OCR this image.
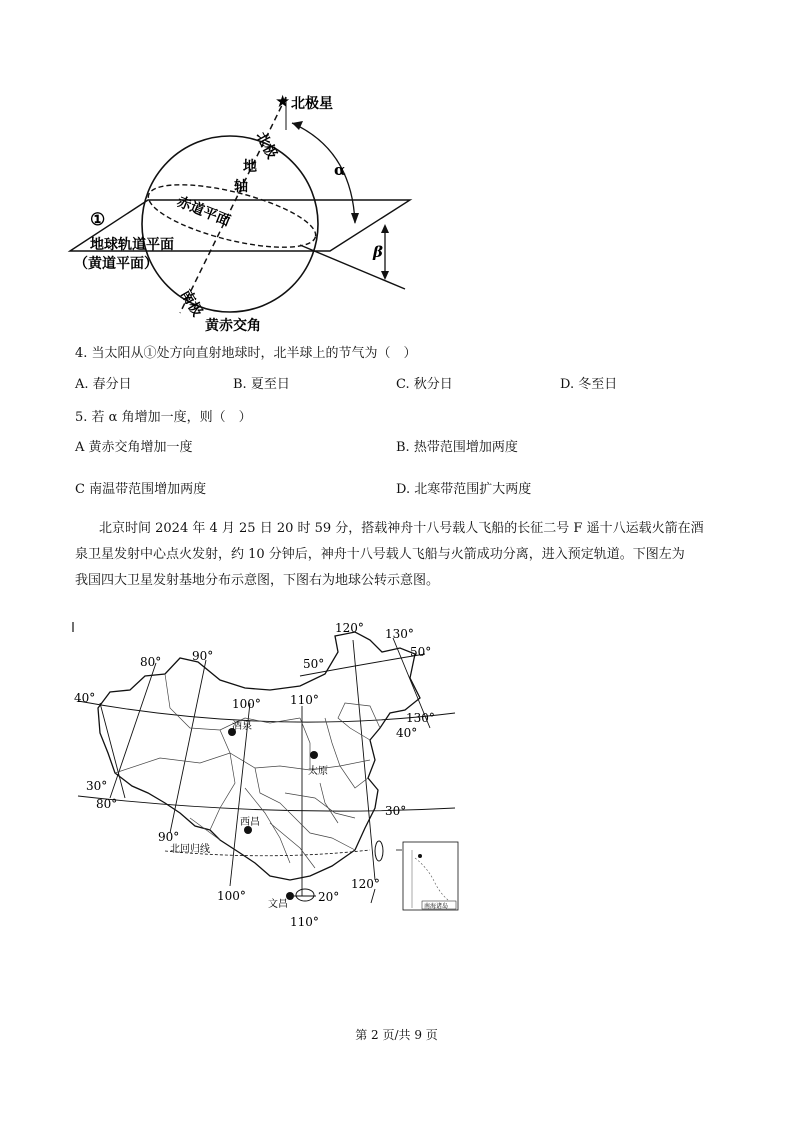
★ 北极星
α
β
北极
地
轴
①	赤道平面
地球轨道平面
（黄道平面）
南极
黄赤交角
4. 当太阳从①处方向直射地球时，北半球上的节气为（　）
A. 春分日	B. 夏至日	C. 秋分日	D. 冬至日
5. 若 α 角增加一度，则（　）
A 黄赤交角增加一度	B. 热带范围增加两度
C 南温带范围增加两度	D. 北寒带范围扩大两度

北京时间 2024 年 4 月 25 日 20 时 59 分，搭载神舟十八号载人飞船的长征二号 F 遥十八运载火箭在酒

泉卫星发射中心点火发射，约 10 分钟后，神舟十八号载人飞船与火箭成功分离，进入预定轨道。下图左为

我国四大卫星发射基地分布示意图，下图右为地球公转示意图。

北回归线
酒泉
太原
西昌
文昌
40°
80°	90°
100° 110°
120° 130°
50°
50°
130°
40°
30°
80°	30°
90°
120°
100°	20°
110°
南海诸岛
第 2 页/共 9 页
